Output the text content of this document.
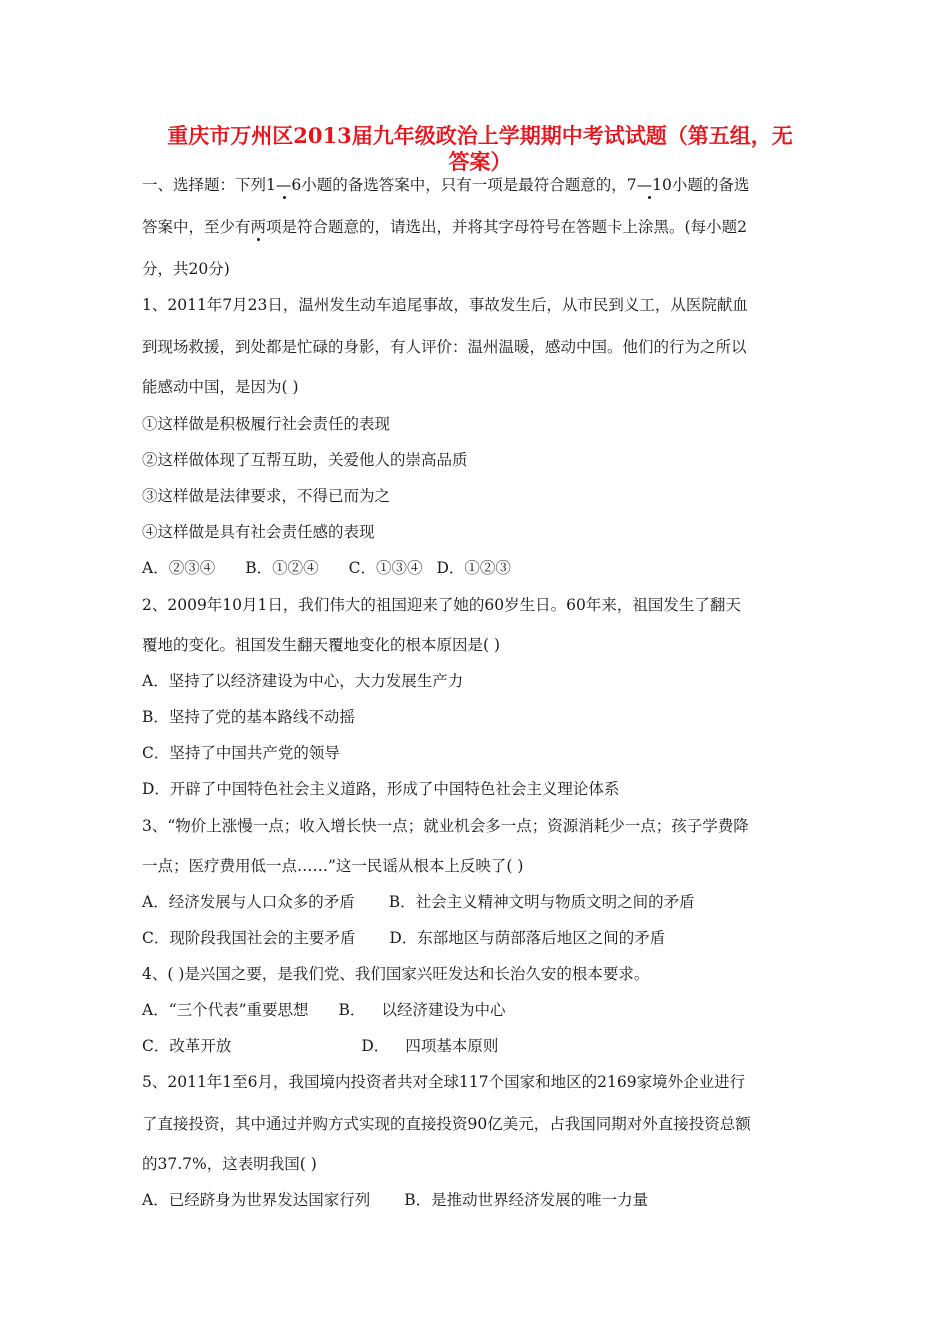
重庆市万州区2013届九年级政治上学期期中考试试题（第五组，无
答案）

一、选择题：下列1—6小题的备选答案中，只有一项是最符合题意的，7—10小题的备选

答案中，至少有两项是符合题意的，请选出，并将其字母符号在答题卡上涂黑。(每小题2

分，共20分)

1、2011年7月23日，温州发生动车追尾事故，事故发生后，从市民到义工，从医院献血

到现场救援，到处都是忙碌的身影，有人评价：温州温暖，感动中国。他们的行为之所以

能感动中国，是因为( )

①这样做是积极履行社会责任的表现

②这样做体现了互帮互助，关爱他人的崇高品质

③这样做是法律要求，不得已而为之

④这样做是具有社会责任感的表现

A．②③④ B．①②④ C．①③④ D．①②③

2、2009年10月1日，我们伟大的祖国迎来了她的60岁生日。60年来，祖国发生了翻天

覆地的变化。祖国发生翻天覆地变化的根本原因是( )

A．坚持了以经济建设为中心，大力发展生产力

B．坚持了党的基本路线不动摇

C．坚持了中国共产党的领导

D．开辟了中国特色社会主义道路，形成了中国特色社会主义理论体系

3、“物价上涨慢一点；收入增长快一点；就业机会多一点；资源消耗少一点；孩子学费降

一点；医疗费用低一点……”这一民谣从根本上反映了( )

A．经济发展与人口众多的矛盾 B．社会主义精神文明与物质文明之间的矛盾

C．现阶段我国社会的主要矛盾 D．东部地区与荫部落后地区之间的矛盾

4、( )是兴国之要，是我们党、我们国家兴旺发达和长治久安的根本要求。

A．“三个代表”重要思想 B． 以经济建设为中心

C．改革开放	D． 四项基本原则

5、2011年1至6月，我国境内投资者共对全球117个国家和地区的2169家境外企业进行

了直接投资，其中通过并购方式实现的直接投资90亿美元，占我国同期对外直接投资总额

的37.7%，这表明我国( )

A．已经跻身为世界发达国家行列 B．是推动世界经济发展的唯一力量
